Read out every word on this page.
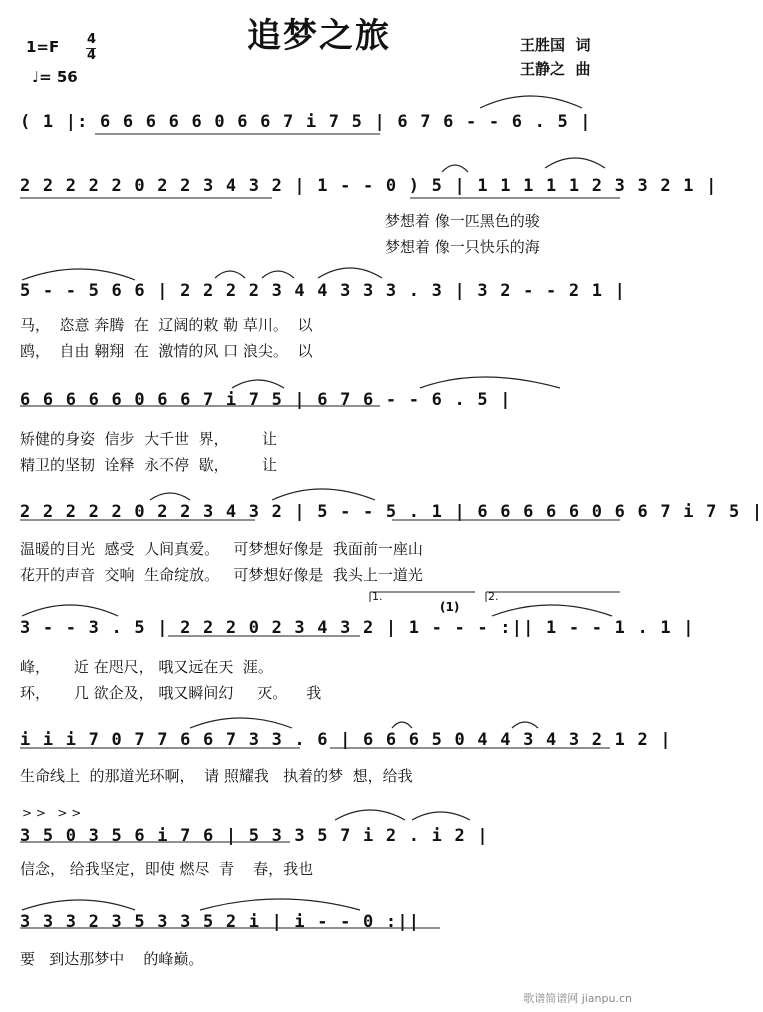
追梦之旅
1=F 4
4
♩= 56
王胜国  词
王静之  曲
( 1 |: 6 6 6 6 6 0 6 6 7 i 7 5 | 6 7 6 - - 6 . 5 |
2 2 2 2 2 0 2 2 3 4 3 2 | 1 - - 0 ) 5 | 1 1 1 1 1 2 3 3 2 1 |
梦想着 像一匹黑色的骏
梦想着 像一只快乐的海
5 - - 5 6 6 | 2 2 2 2 3 4 4 3 3 3 . 3 | 3 2 - - 2 1 |
马，  恣意 奔腾  在  辽阔的敕 勒 草川。  以
鸥，  自由 翱翔  在  激情的风 口 浪尖。  以
6 6 6 6 6 0 6 6 7 i 7 5 | 6 7 6 - - 6 . 5 |
矫健的身姿  信步  大千世  界，       让
精卫的坚韧  诠释  永不停  歇，       让
2 2 2 2 2 0 2 2 3 4 3 2 | 5 - - 5 . 1 | 6 6 6 6 6 0 6 6 7 i 7 5 |
温暖的目光  感受  人间真爱。   可梦想好像是  我面前一座山
花开的声音  交响  生命绽放。   可梦想好像是  我头上一道光
1.	2.
(1)
3 - - 3 . 5 | 2 2 2 0 2 3 4 3 2 | 1 - - - :|| 1 - - 1 . 1 |
峰，     近 在咫尺， 哦又远在天  涯。
环，     几 欲企及， 哦又瞬间幻     灭。    我
i i i 7 0 7 7 6 6 7 3 3 . 6 | 6 6 6 5 0 4 4 3 4 3 2 1 2 |
生命线上  的那道光环啊，  请 照耀我   执着的梦  想，给我
> >   > >
3 5 0 3 5 6 i 7 6 | 5 3 3 5 7 i 2 . i 2 |
信念， 给我坚定，即使 燃尽  青    春，我也
3 3 3 2 3 5 3 3 5 2 i | i - - 0 :||
要   到达那梦中    的峰巅。
歌谱简谱网 jianpu.cn
